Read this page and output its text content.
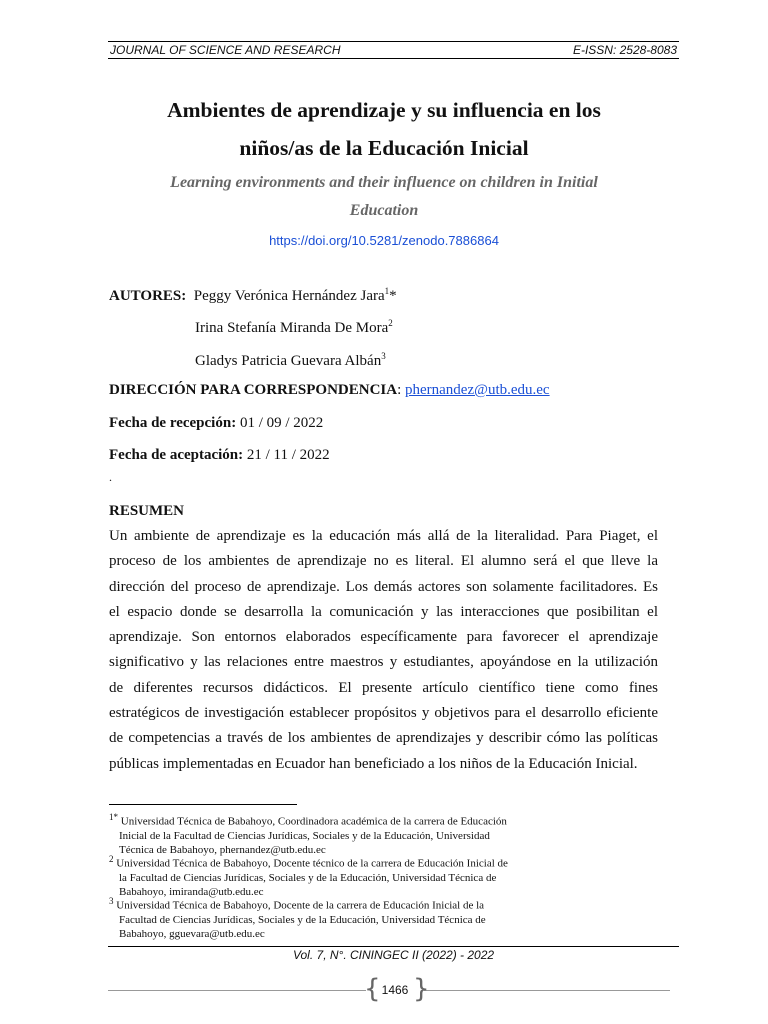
JOURNAL OF SCIENCE AND RESEARCH	E-ISSN: 2528-8083
Ambientes de aprendizaje y su influencia en los
niños/as de la Educación Inicial
Learning environments and their influence on children in Initial
Education
https://doi.org/10.5281/zenodo.7886864
AUTORES: Peggy Verónica Hernández Jara$^1$*
Irina Stefanía Miranda De Mora$^2$
Gladys Patricia Guevara Albán$^3$
DIRECCIÓN PARA CORRESPONDENCIA: phernandez@utb.edu.ec
Fecha de recepción: 01 / 09 / 2022
Fecha de aceptación: 21 / 11 / 2022
.
RESUMEN
Un ambiente de aprendizaje es la educación más allá de la literalidad. Para Piaget, el
proceso de los ambientes de aprendizaje no es literal. El alumno será el que lleve la
dirección del proceso de aprendizaje. Los demás actores son solamente facilitadores. Es
el espacio donde se desarrolla la comunicación y las interacciones que posibilitan el
aprendizaje. Son entornos elaborados específicamente para favorecer el aprendizaje
significativo y las relaciones entre maestros y estudiantes, apoyándose en la utilización
de diferentes recursos didácticos. El presente artículo científico tiene como fines
estratégicos de investigación establecer propósitos y objetivos para el desarrollo eficiente
de competencias a través de los ambientes de aprendizajes y describir cómo las políticas
públicas implementadas en Ecuador han beneficiado a los niños de la Educación Inicial.
$^{1*}$ Universidad Técnica de Babahoyo, Coordinadora académica de la carrera de Educación
Inicial de la Facultad de Ciencias Jurídicas, Sociales y de la Educación, Universidad
Técnica de Babahoyo, phernandez@utb.edu.ec
$^2$ Universidad Técnica de Babahoyo, Docente técnico de la carrera de Educación Inicial de
la Facultad de Ciencias Jurídicas, Sociales y de la Educación, Universidad Técnica de
Babahoyo, imiranda@utb.edu.ec
$^3$ Universidad Técnica de Babahoyo, Docente de la carrera de Educación Inicial de la
Facultad de Ciencias Jurídicas, Sociales y de la Educación, Universidad Técnica de
Babahoyo, gguevara@utb.edu.ec
Vol. 7, N°. CININGEC II (2022) - 2022
{ }
1466
